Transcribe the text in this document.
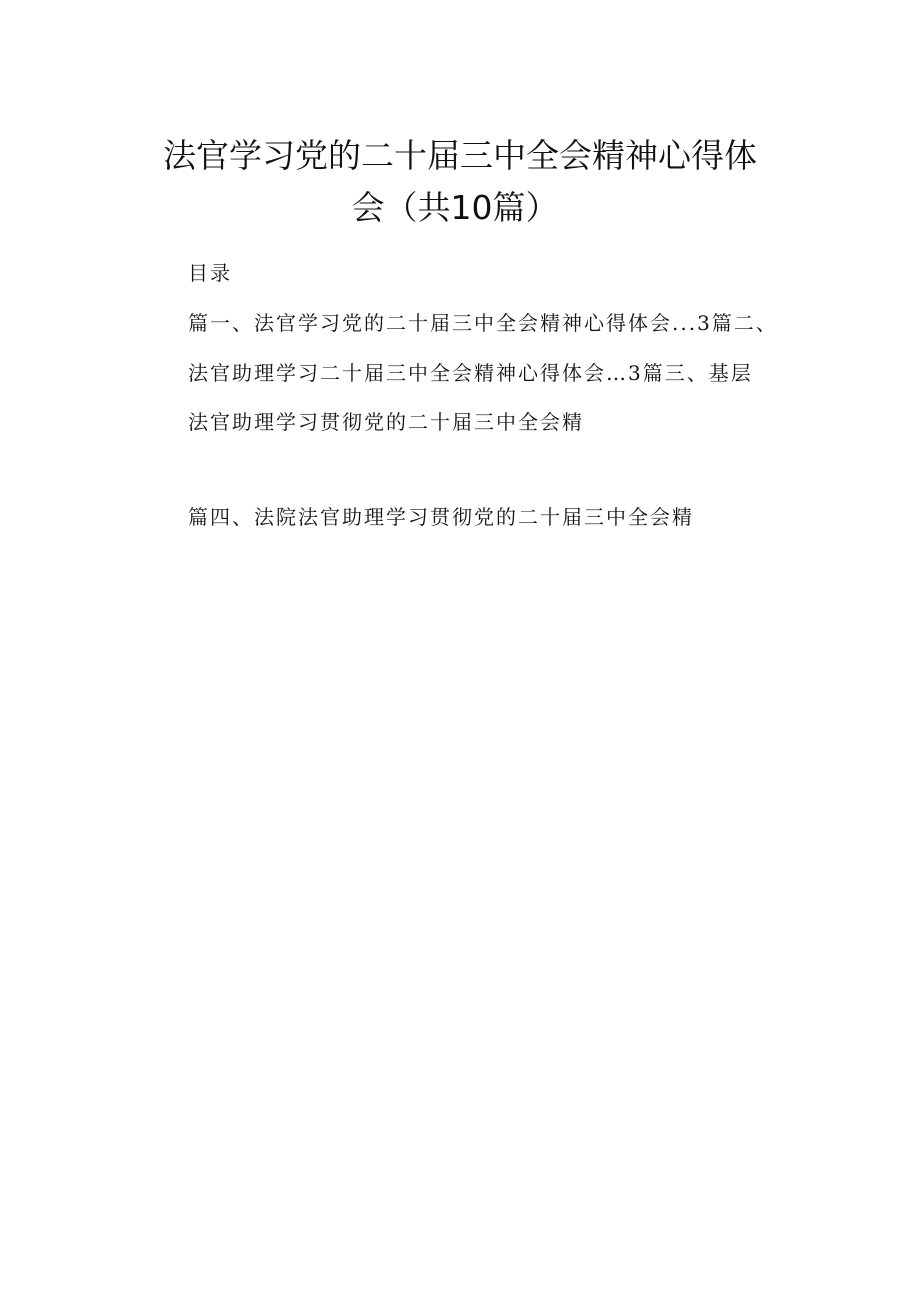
法官学习党的二十届三中全会精神心得体
会（共10篇）
目录
篇一、法官学习党的二十届三中全会精神心得体会...3篇二、
法官助理学习二十届三中全会精神心得体会…3篇三、基层
法官助理学习贯彻党的二十届三中全会精
篇四、法院法官助理学习贯彻党的二十届三中全会精
